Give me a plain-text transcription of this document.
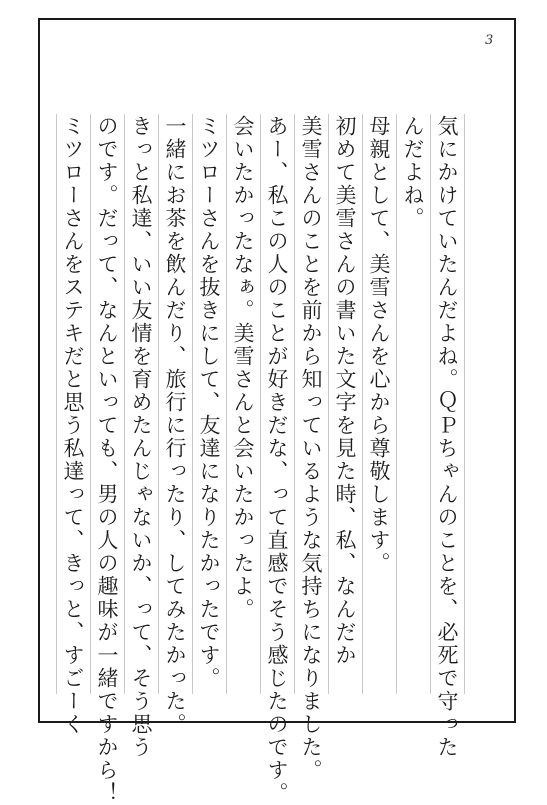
3
気にかけていたんだよね。ＱＰちゃんのことを、必死で守った
んだよね。
母親として、美雪さんを心から尊敬します。
初めて美雪さんの書いた文字を見た時、私、なんだか
美雪さんのことを前から知っているような気持ちになりました。
あー、私この人のことが好きだな、って直感でそう感じたのです。
会いたかったなぁ。美雪さんと会いたかったよ。
ミツローさんを抜きにして、友達になりたかったです。
一緒にお茶を飲んだり、旅行に行ったり、してみたかった。
きっと私達、いい友情を育めたんじゃないか、って、そう思う
のです。だって、なんといっても、男の人の趣味が一緒ですから！
ミツローさんをステキだと思う私達って、きっと、すごーく
